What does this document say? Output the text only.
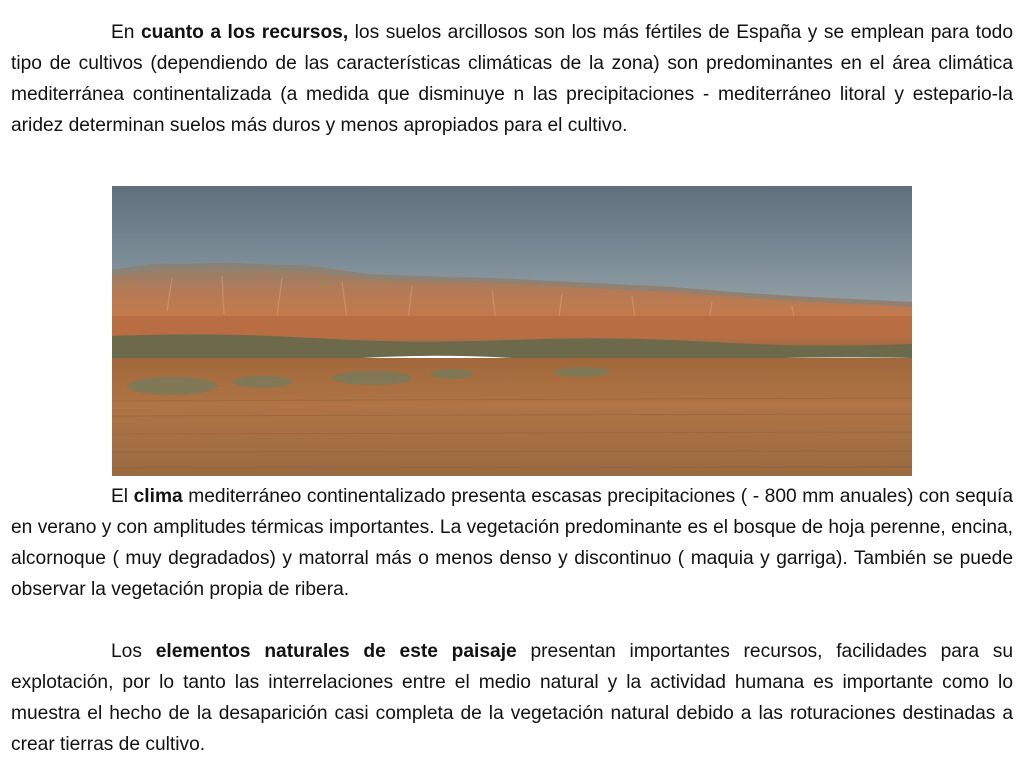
En cuanto a los recursos, los suelos arcillosos son los más fértiles de España y se emplean para todo tipo de cultivos (dependiendo de las características climáticas de la zona) son predominantes en el área climática mediterránea continentalizada (a medida que disminuye n las precipitaciones - mediterráneo litoral y estepario-la aridez determinan suelos más duros y menos apropiados para el cultivo.

El clima mediterráneo continentalizado presenta escasas precipitaciones ( - 800 mm anuales) con sequía en verano y con amplitudes térmicas importantes. La vegetación predominante es el bosque de hoja perenne, encina, alcornoque ( muy degradados) y matorral más o menos denso y discontinuo ( maquia y garriga). También se puede observar la vegetación propia de ribera.

Los elementos naturales de este paisaje presentan importantes recursos, facilidades para su explotación, por lo tanto las interrelaciones entre el medio natural y la actividad humana es importante como lo muestra el hecho de la desaparición casi completa de la vegetación natural debido a las roturaciones destinadas a crear tierras de cultivo.
